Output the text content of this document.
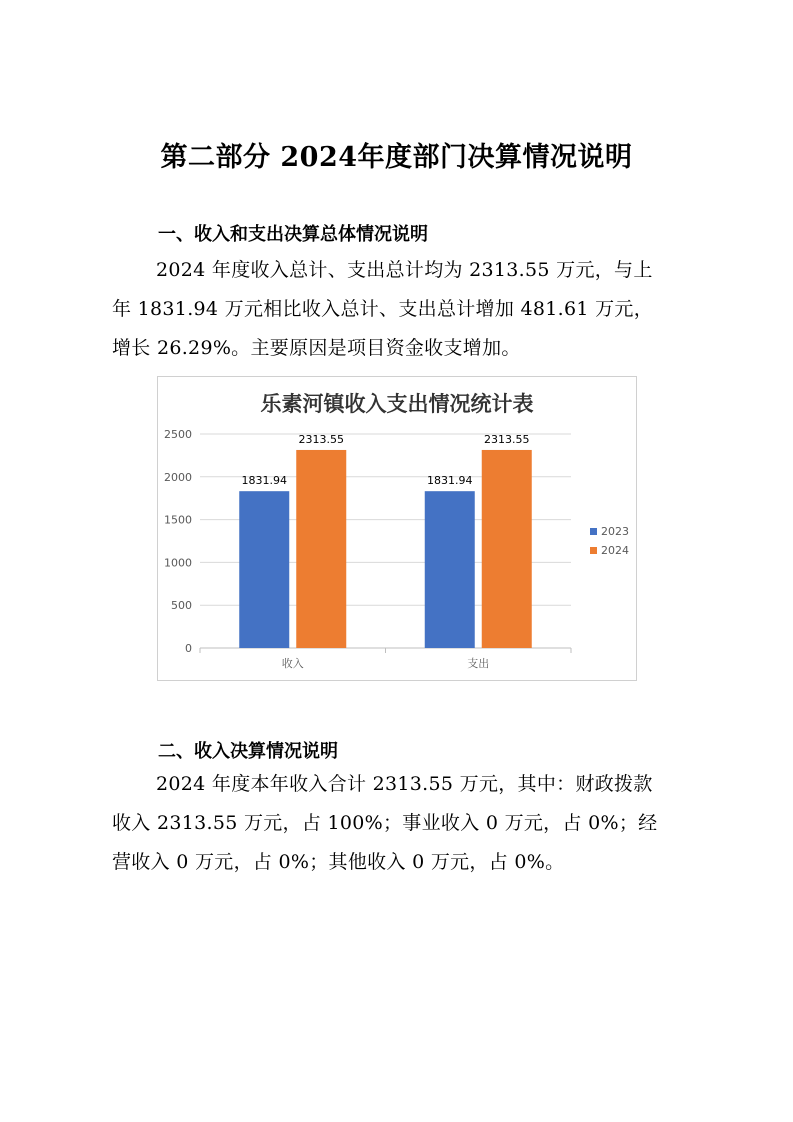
第二部分 2024年度部门决算情况说明
一、收入和支出决算总体情况说明
2024 年度收入总计、支出总计均为 2313.55 万元，与上
年 1831.94 万元相比收入总计、支出总计增加 481.61 万元，
增长 26.29%。主要原因是项目资金收支增加。
乐素河镇收入支出情况统计表
0
500
1000
1500
2000
2500
1831.94
2313.55
1831.94
2313.55
收入	支出
2023
2024
二、收入决算情况说明
2024 年度本年收入合计 2313.55 万元，其中：财政拨款
收入 2313.55 万元，占 100%；事业收入 0 万元，占 0%；经
营收入 0 万元，占 0%；其他收入 0 万元，占 0%。
